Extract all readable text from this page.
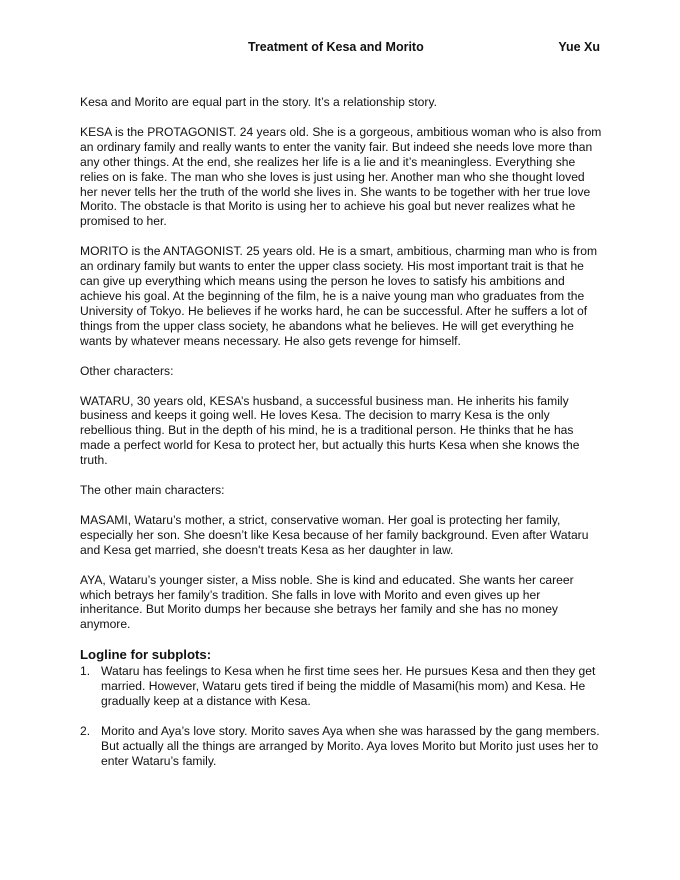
Treatment of Kesa and Morito	Yue Xu

Kesa and Morito are equal part in the story. It’s a relationship story.

KESA is the PROTAGONIST. 24 years old. She is a gorgeous, ambitious woman who is also from an ordinary family and really wants to enter the vanity fair. But indeed she needs love more than any other things. At the end, she realizes her life is a lie and it’s meaningless. Everything she relies on is fake. The man who she loves is just using her. Another man who she thought loved her never tells her the truth of the world she lives in. She wants to be together with her true love Morito. The obstacle is that Morito is using her to achieve his goal but never realizes what he promised to her.

MORITO is the ANTAGONIST. 25 years old. He is a smart, ambitious, charming man who is from an ordinary family but wants to enter the upper class society. His most important trait is that he can give up everything which means using the person he loves to satisfy his ambitions and achieve his goal. At the beginning of the film, he is a naive young man who graduates from the University of Tokyo. He believes if he works hard, he can be successful. After he suffers a lot of things from the upper class society, he abandons what he believes. He will get everything he wants by whatever means necessary. He also gets revenge for himself.

Other characters:

WATARU, 30 years old, KESA’s husband, a successful business man. He inherits his family business and keeps it going well. He loves Kesa. The decision to marry Kesa is the only rebellious thing. But in the depth of his mind, he is a traditional person. He thinks that he has made a perfect world for Kesa to protect her, but actually this hurts Kesa when she knows the truth.

The other main characters:

MASAMI, Wataru’s mother, a strict, conservative woman. Her goal is protecting her family, especially her son. She doesn’t like Kesa because of her family background. Even after Wataru and Kesa get married, she doesn't treats Kesa as her daughter in law.

AYA, Wataru’s younger sister, a Miss noble. She is kind and educated. She wants her career which betrays her family’s tradition. She falls in love with Morito and even gives up her inheritance. But Morito dumps her because she betrays her family and she has no money anymore.

Logline for subplots:
1. Wataru has feelings to Kesa when he first time sees her. He pursues Kesa and then they get married. However, Wataru gets tired if being the middle of Masami(his mom) and Kesa. He gradually keep at a distance with Kesa.
2. Morito and Aya’s love story. Morito saves Aya when she was harassed by the gang members. But actually all the things are arranged by Morito. Aya loves Morito but Morito just uses her to enter Wataru’s family.
